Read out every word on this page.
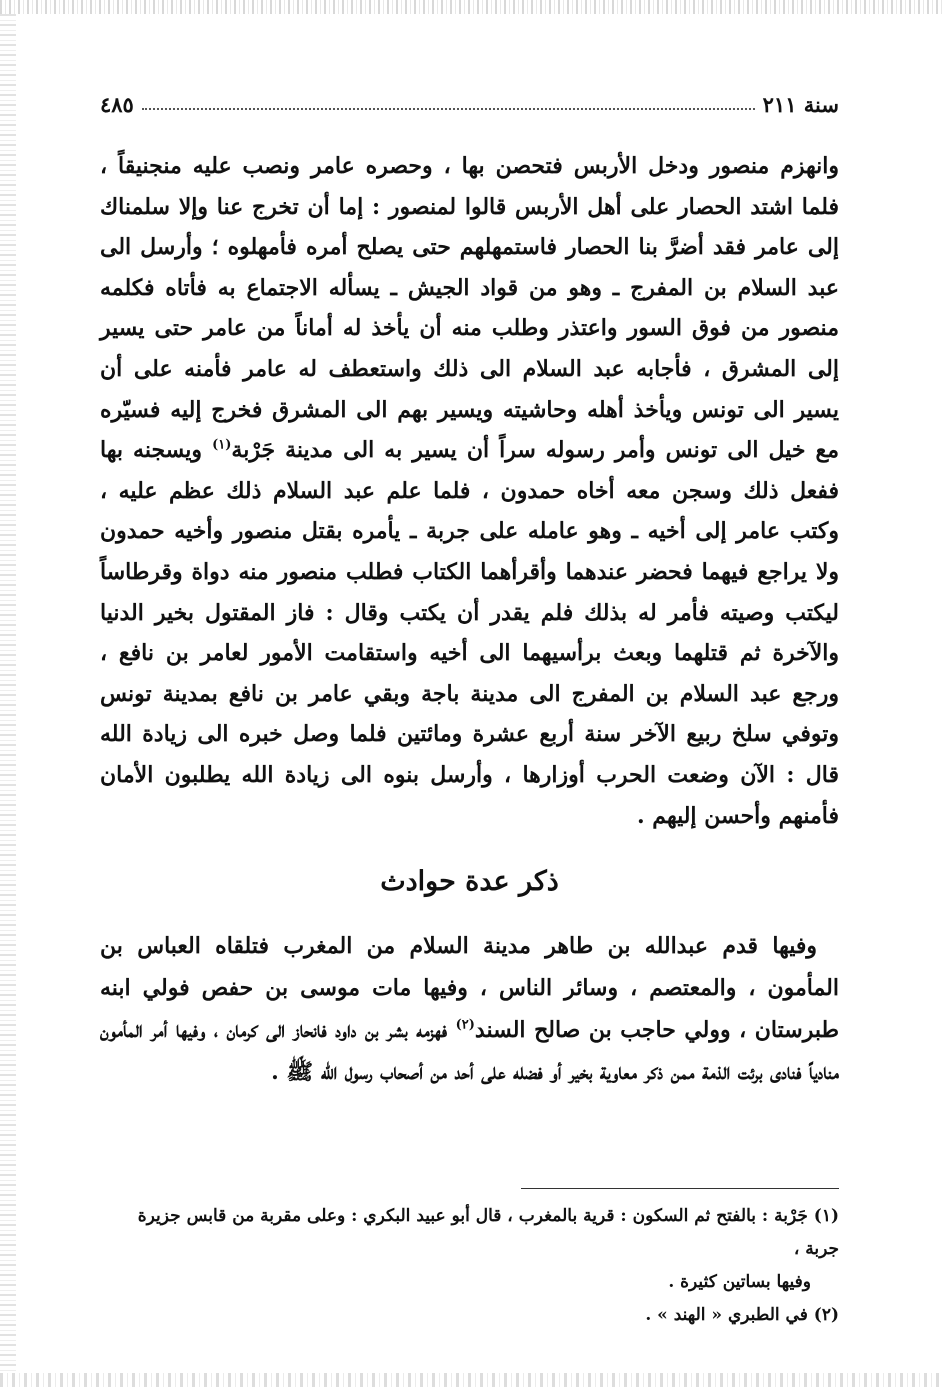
سنة ٢١١
٤٨٥

وانهزم منصور ودخل الأربس فتحصن بها ، وحصره عامر ونصب عليه منجنيقاً ، فلما اشتد الحصار على أهل الأربس قالوا لمنصور : إما أن تخرج عنا وإلا سلمناك إلى عامر فقد أضرَّ بنا الحصار فاستمهلهم حتى يصلح أمره فأمهلوه ؛ وأرسل الى عبد السلام بن المفرج ـ وهو من قواد الجيش ـ يسأله الاجتماع به فأتاه فكلمه منصور من فوق السور واعتذر وطلب منه أن يأخذ له أماناً من عامر حتى يسير إلى المشرق ، فأجابه عبد السلام الى ذلك واستعطف له عامر فأمنه على أن يسير الى تونس ويأخذ أهله وحاشيته ويسير بهم الى المشرق فخرج إليه فسيّره مع خيل الى تونس وأمر رسوله سراً أن يسير به الى مدينة جَرْبة$^{(١)}$ ويسجنه بها ففعل ذلك وسجن معه أخاه حمدون ، فلما علم عبد السلام ذلك عظم عليه ، وكتب عامر إلى أخيه ـ وهو عامله على جربة ـ يأمره بقتل منصور وأخيه حمدون ولا يراجع فيهما فحضر عندهما وأقرأهما الكتاب فطلب منصور منه دواة وقرطاساً ليكتب وصيته فأمر له بذلك فلم يقدر أن يكتب وقال : فاز المقتول بخير الدنيا والآخرة ثم قتلهما وبعث برأسيهما الى أخيه واستقامت الأمور لعامر بن نافع ، ورجع عبد السلام بن المفرج الى مدينة باجة وبقي عامر بن نافع بمدينة تونس وتوفي سلخ ربيع الآخر سنة أربع عشرة ومائتين فلما وصل خبره الى زيادة الله قال : الآن وضعت الحرب أوزارها ، وأرسل بنوه الى زيادة الله يطلبون الأمان فأمنهم وأحسن إليهم .

ذكر عدة حوادث

وفيها قدم عبدالله بن طاهر مدينة السلام من المغرب فتلقاه العباس بن المأمون ، والمعتصم ، وسائر الناس ، وفيها مات موسى بن حفص فولي ابنه طبرستان ، وولي حاجب بن صالح السند$^{(٢)}$ فهزمه بشر بن داود فانحاز الى كرمان ، وفيها أمر المأمون منادياً فنادى برئت الذمة ممن ذكر معاوية بخير أو فضله على أحد من أصحاب رسول الله ﷺ .

(١) جَرْبة : بالفتح ثم السكون : قرية بالمغرب ، قال أبو عبيد البكري : وعلى مقربة من قابس جزيرة جربة ،

وفيها بساتين كثيرة .

(٢) في الطبري « الهند » .
